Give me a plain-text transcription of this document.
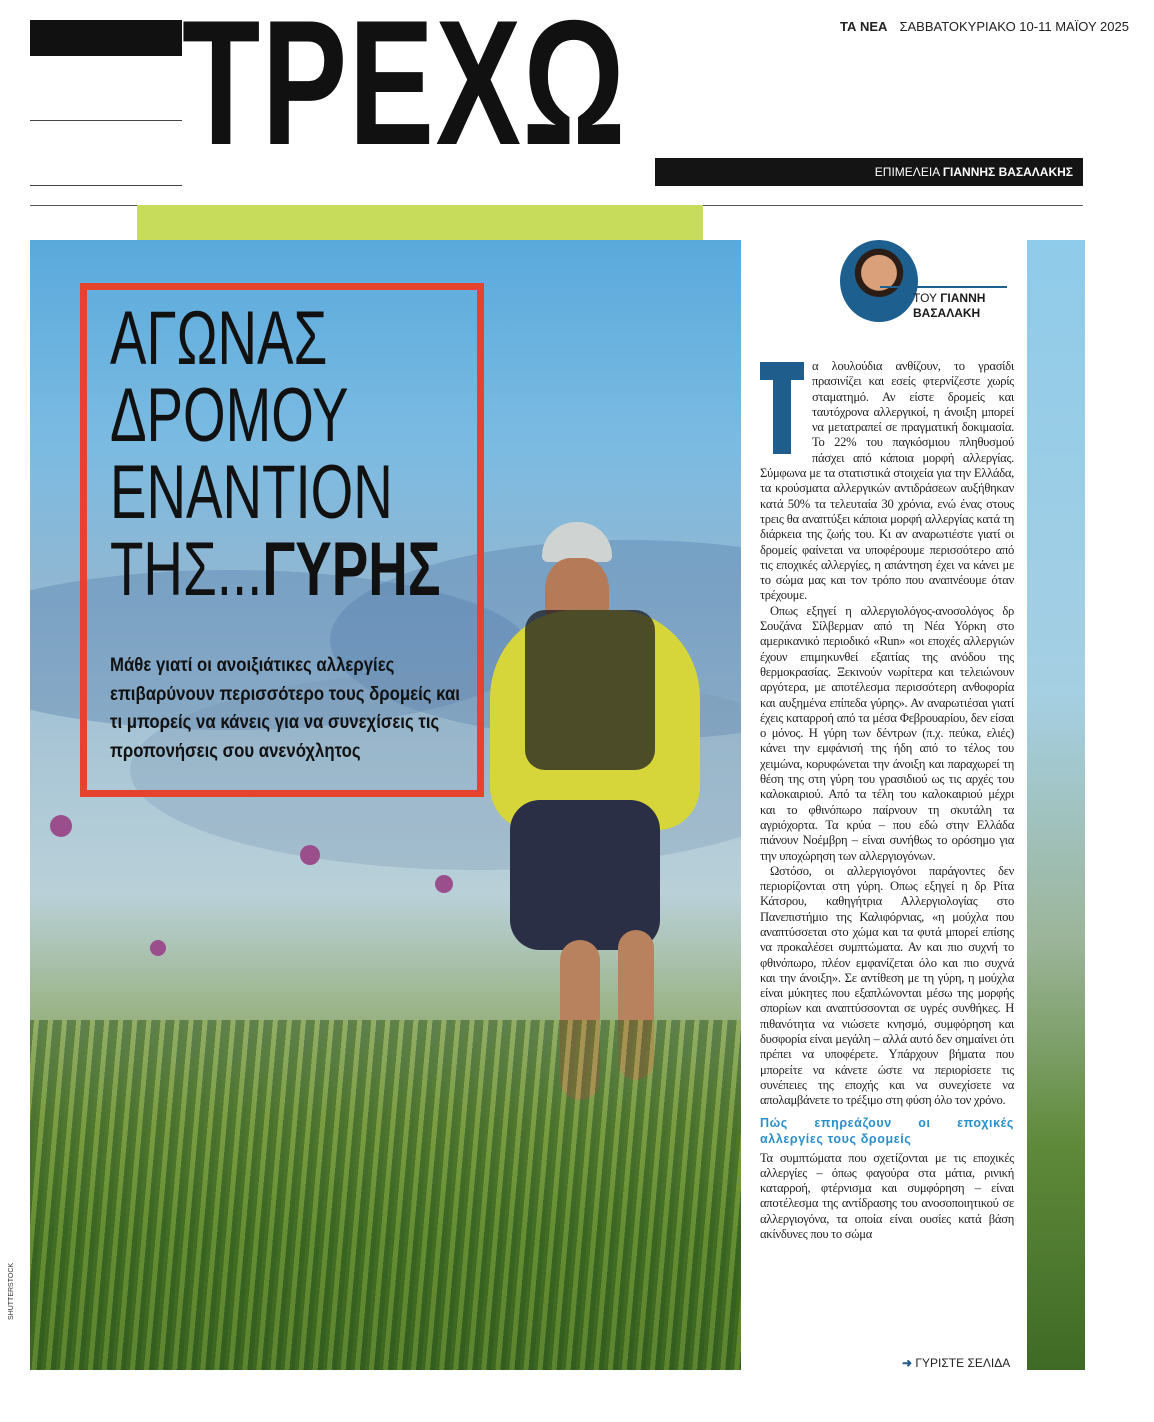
ΤΡΕΧΩ	ΤΑ ΝΕΑ ΣΑΒΒΑΤΟΚΥΡΙΑΚΟ 10-11 ΜΑΪΟΥ 2025
ΕΠΙΜΕΛΕΙΑ ΓΙΑΝΝΗΣ ΒΑΣΑΛΑΚΗΣ
ΑΓΩΝΑΣ
ΔΡΟΜΟΥ
ΕΝΑΝΤΙΟΝ
ΤΗΣ...ΓΥΡΗΣ
Μάθε γιατί οι ανοιξιάτικες αλλεργίες επιβαρύνουν περισσότερο τους δρομείς και τι μπορείς να κάνεις για να συνεχίσεις τις προπονήσεις σου ανενόχλητος
SHUTTERSTOCK
ΤΟΥ ΓΙΑΝΝΗ
ΒΑΣΑΛΑΚΗ

α λουλούδια ανθίζουν, το γρασίδι πρασινίζει και εσείς φτερνίζεστε χωρίς σταματημό. Αν είστε δρομείς και ταυτόχρονα αλλεργικοί, η άνοιξη μπορεί να μετατραπεί σε πραγματική δοκιμασία. Το 22% του παγκόσμιου πληθυσμού πάσχει από κάποια μορφή αλλεργίας. Σύμφωνα με τα στατιστικά στοιχεία για την Ελλάδα, τα κρούσματα αλλεργικών αντιδράσεων αυξήθηκαν κατά 50% τα τελευταία 30 χρόνια, ενώ ένας στους τρεις θα αναπτύξει κάποια μορφή αλλεργίας κατά τη διάρκεια της ζωής του. Κι αν αναρωτιέστε γιατί οι δρομείς φαίνεται να υποφέρουμε περισσότερο από τις εποχικές αλλεργίες, η απάντηση έχει να κάνει με το σώμα μας και τον τρόπο που αναπνέουμε όταν τρέχουμε.

Οπως εξηγεί η αλλεργιολόγος-ανοσολόγος δρ Σουζάνα Σίλβερμαν από τη Νέα Υόρκη στο αμερικανικό περιοδικό «Run» «οι εποχές αλλεργιών έχουν επιμηκυνθεί εξαιτίας της ανόδου της θερμοκρασίας. Ξεκινούν νωρίτερα και τελειώνουν αργότερα, με αποτέλεσμα περισσότερη ανθοφορία και αυξημένα επίπεδα γύρης». Αν αναρωτιέσαι γιατί έχεις καταρροή από τα μέσα Φεβρουαρίου, δεν είσαι ο μόνος. Η γύρη των δέντρων (π.χ. πεύκα, ελιές) κάνει την εμφάνισή της ήδη από το τέλος του χειμώνα, κορυφώνεται την άνοιξη και παραχωρεί τη θέση της στη γύρη του γρασιδιού ως τις αρχές του καλοκαιριού. Από τα τέλη του καλοκαιριού μέχρι και το φθινόπωρο παίρνουν τη σκυτάλη τα αγριόχορτα. Τα κρύα – που εδώ στην Ελλάδα πιάνουν Νοέμβρη – είναι συνήθως το ορόσημο για την υποχώρηση των αλλεργιογόνων.

Ωστόσο, οι αλλεργιογόνοι παράγοντες δεν περιορίζονται στη γύρη. Οπως εξηγεί η δρ Ρίτα Κάτσρου, καθηγήτρια Αλλεργιολογίας στο Πανεπιστήμιο της Καλιφόρνιας, «η μούχλα που αναπτύσσεται στο χώμα και τα φυτά μπορεί επίσης να προκαλέσει συμπτώματα. Αν και πιο συχνή το φθινόπωρο, πλέον εμφανίζεται όλο και πιο συχνά και την άνοιξη». Σε αντίθεση με τη γύρη, η μούχλα είναι μύκητες που εξαπλώνονται μέσω της μορφής σπορίων και αναπτύσσονται σε υγρές συνθήκες. Η πιθανότητα να νιώσετε κνησμό, συμφόρηση και δυσφορία είναι μεγάλη – αλλά αυτό δεν σημαίνει ότι πρέπει να υποφέρετε. Υπάρχουν βήματα που μπορείτε να κάνετε ώστε να περιορίσετε τις συνέπειες της εποχής και να συνεχίσετε να απολαμβάνετε το τρέξιμο στη φύση όλο τον χρόνο.

Πώς επηρεάζουν οι εποχικές αλλεργίες τους δρομείς

Τα συμπτώματα που σχετίζονται με τις εποχικές αλλεργίες – όπως φαγούρα στα μάτια, ρινική καταρροή, φτέρνισμα και συμφόρηση – είναι αποτέλεσμα της αντίδρασης του ανοσοποιητικού σε αλλεργιογόνα, τα οποία είναι ουσίες κατά βάση ακίνδυνες που το σώμα

➜ ΓΥΡΙΣΤΕ ΣΕΛΙΔΑ
